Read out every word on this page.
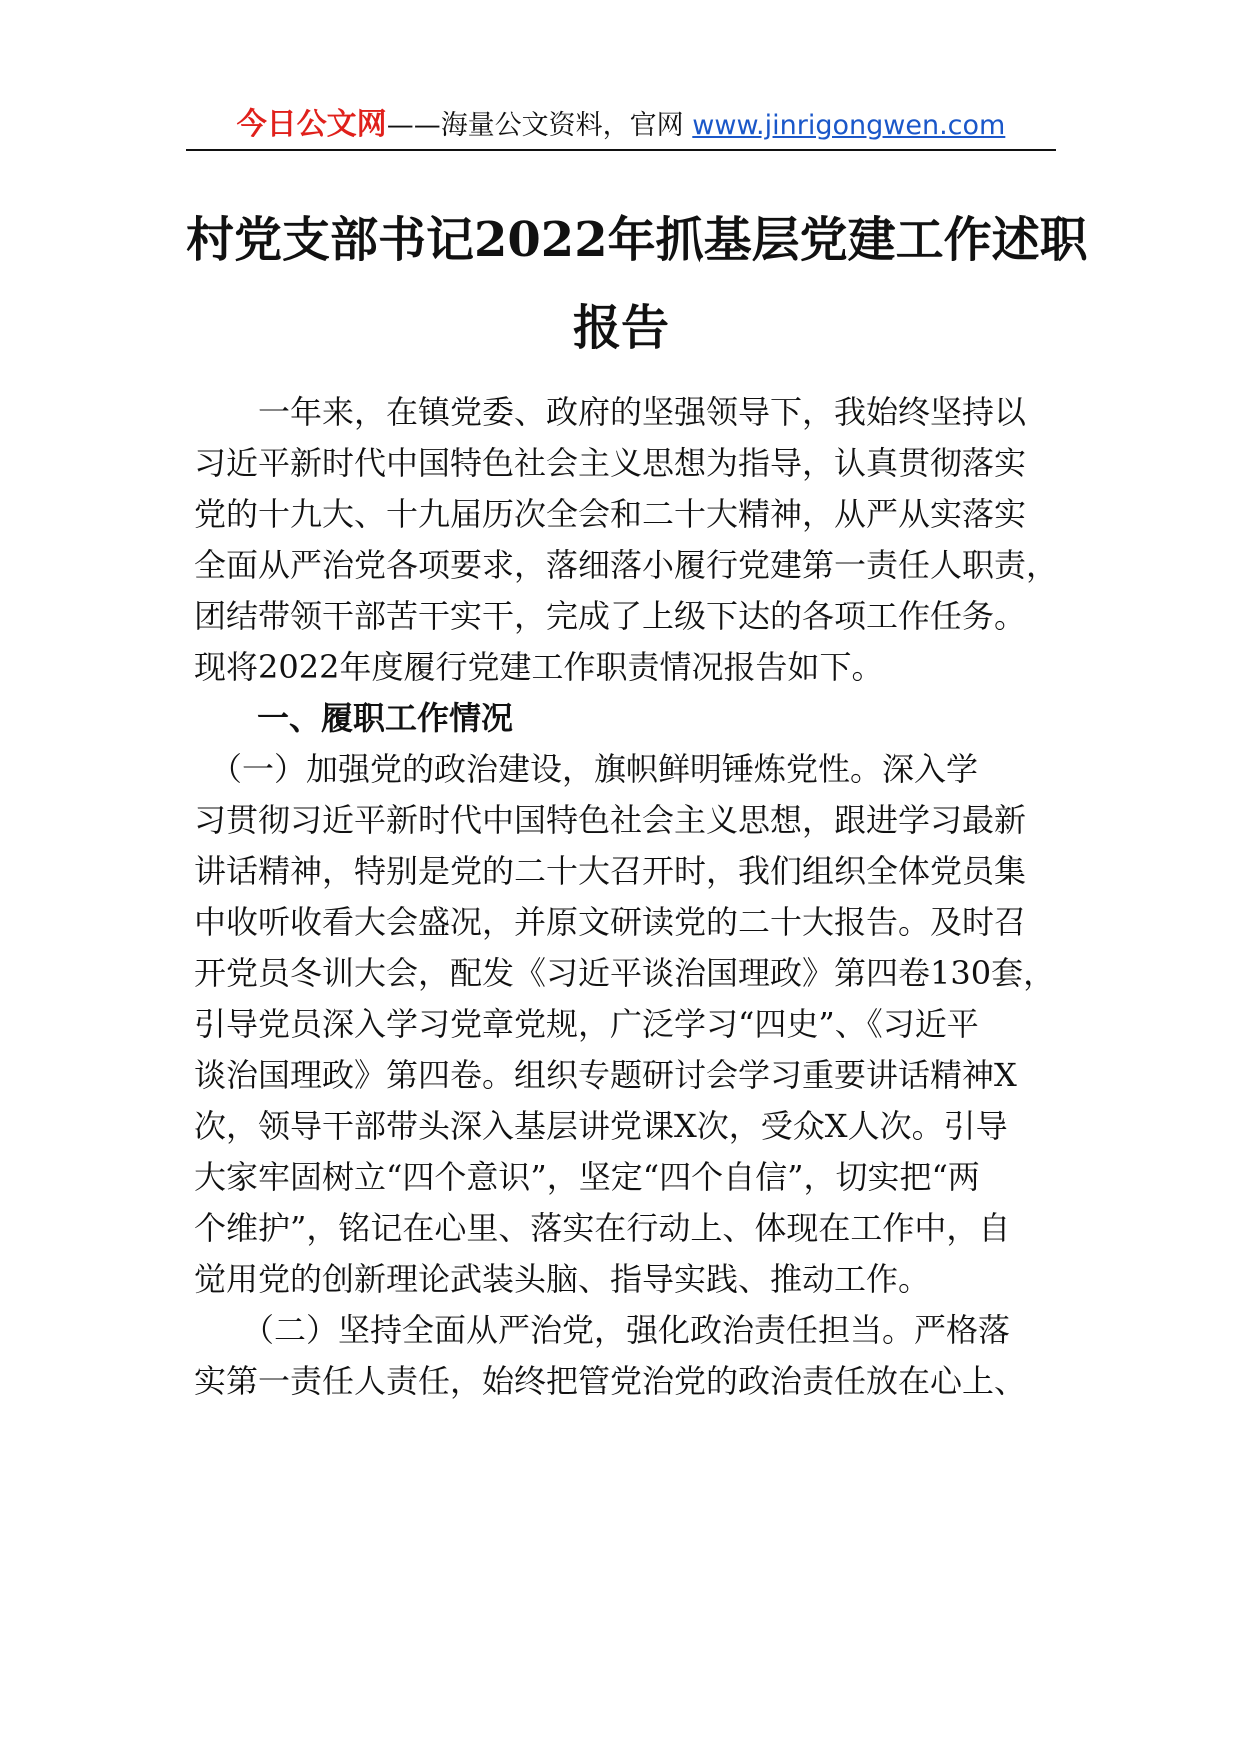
今日公文网——海量公文资料，官网 www.jinrigongwen.com
村党支部书记2022年抓基层党建工作述职
报告
　　一年来，在镇党委、政府的坚强领导下，我始终坚持以
习近平新时代中国特色社会主义思想为指导，认真贯彻落实
党的十九大、十九届历次全会和二十大精神，从严从实落实
全面从严治党各项要求，落细落小履行党建第一责任人职责，
团结带领干部苦干实干，完成了上级下达的各项工作任务。
现将2022年度履行党建工作职责情况报告如下。
一、履职工作情况
　（一）加强党的政治建设，旗帜鲜明锤炼党性。深入学
习贯彻习近平新时代中国特色社会主义思想，跟进学习最新
讲话精神，特别是党的二十大召开时，我们组织全体党员集
中收听收看大会盛况，并原文研读党的二十大报告。及时召
开党员冬训大会，配发《习近平谈治国理政》第四卷130套，
引导党员深入学习党章党规，广泛学习“四史”、《习近平
谈治国理政》第四卷。组织专题研讨会学习重要讲话精神X
次，领导干部带头深入基层讲党课X次，受众X人次。引导
大家牢固树立“四个意识”，坚定“四个自信”，切实把“两
个维护”，铭记在心里、落实在行动上、体现在工作中，自
觉用党的创新理论武装头脑、指导实践、推动工作。
　　（二）坚持全面从严治党，强化政治责任担当。严格落
实第一责任人责任，始终把管党治党的政治责任放在心上、
